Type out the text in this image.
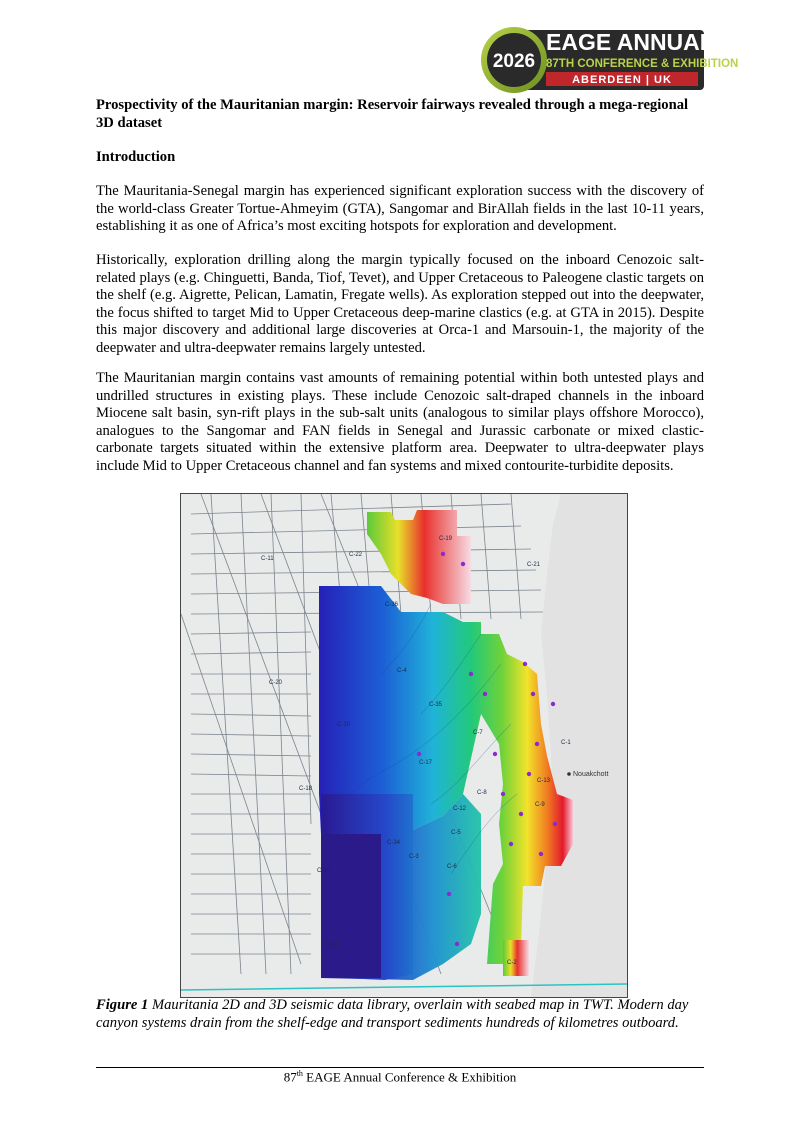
2026
EAGE ANNUAL
87TH CONFERENCE & EXHIBITION
ABERDEEN | UK
Prospectivity of the Mauritanian margin: Reservoir fairways revealed through a mega-regional 3D dataset
Introduction
The Mauritania-Senegal margin has experienced significant exploration success with the discovery of the world-class Greater Tortue-Ahmeyim (GTA), Sangomar and BirAllah fields in the last 10-11 years, establishing it as one of Africa’s most exciting hotspots for exploration and development.
Historically, exploration drilling along the margin typically focused on the inboard Cenozoic salt-related plays (e.g. Chinguetti, Banda, Tiof, Tevet), and Upper Cretaceous to Paleogene clastic targets on the shelf (e.g. Aigrette, Pelican, Lamatin, Fregate wells). As exploration stepped out into the deepwater, the focus shifted to target Mid to Upper Cretaceous deep-marine clastics (e.g. at GTA in 2015). Despite this major discovery and additional large discoveries at Orca-1 and Marsouin-1, the majority of the deepwater and ultra-deepwater remains largely untested.
The Mauritanian margin contains vast amounts of remaining potential within both untested plays and undrilled structures in existing plays. These include Cenozoic salt-draped channels in the inboard Miocene salt basin, syn-rift plays in the sub-salt units (analogous to similar plays offshore Morocco), analogues to the Sangomar and FAN fields in Senegal and Jurassic carbonate or mixed clastic-carbonate targets situated within the extensive platform area. Deepwater to ultra-deepwater plays include Mid to Upper Cretaceous channel and fan systems and mixed contourite-turbidite deposits.
C-11
C-22
C-19
C-21
C-36
C-4
C-20
C-35
C-10
C-7
C-17
C-18
C-8
C-9
C-15
C-34
C-6
C-3
C-5
C-14
C-12
C-13
C-2
C-1
Nouakchott
Figure 1 Mauritania 2D and 3D seismic data library, overlain with seabed map in TWT. Modern day canyon systems drain from the shelf-edge and transport sediments hundreds of kilometres outboard.
87th EAGE Annual Conference & Exhibition
